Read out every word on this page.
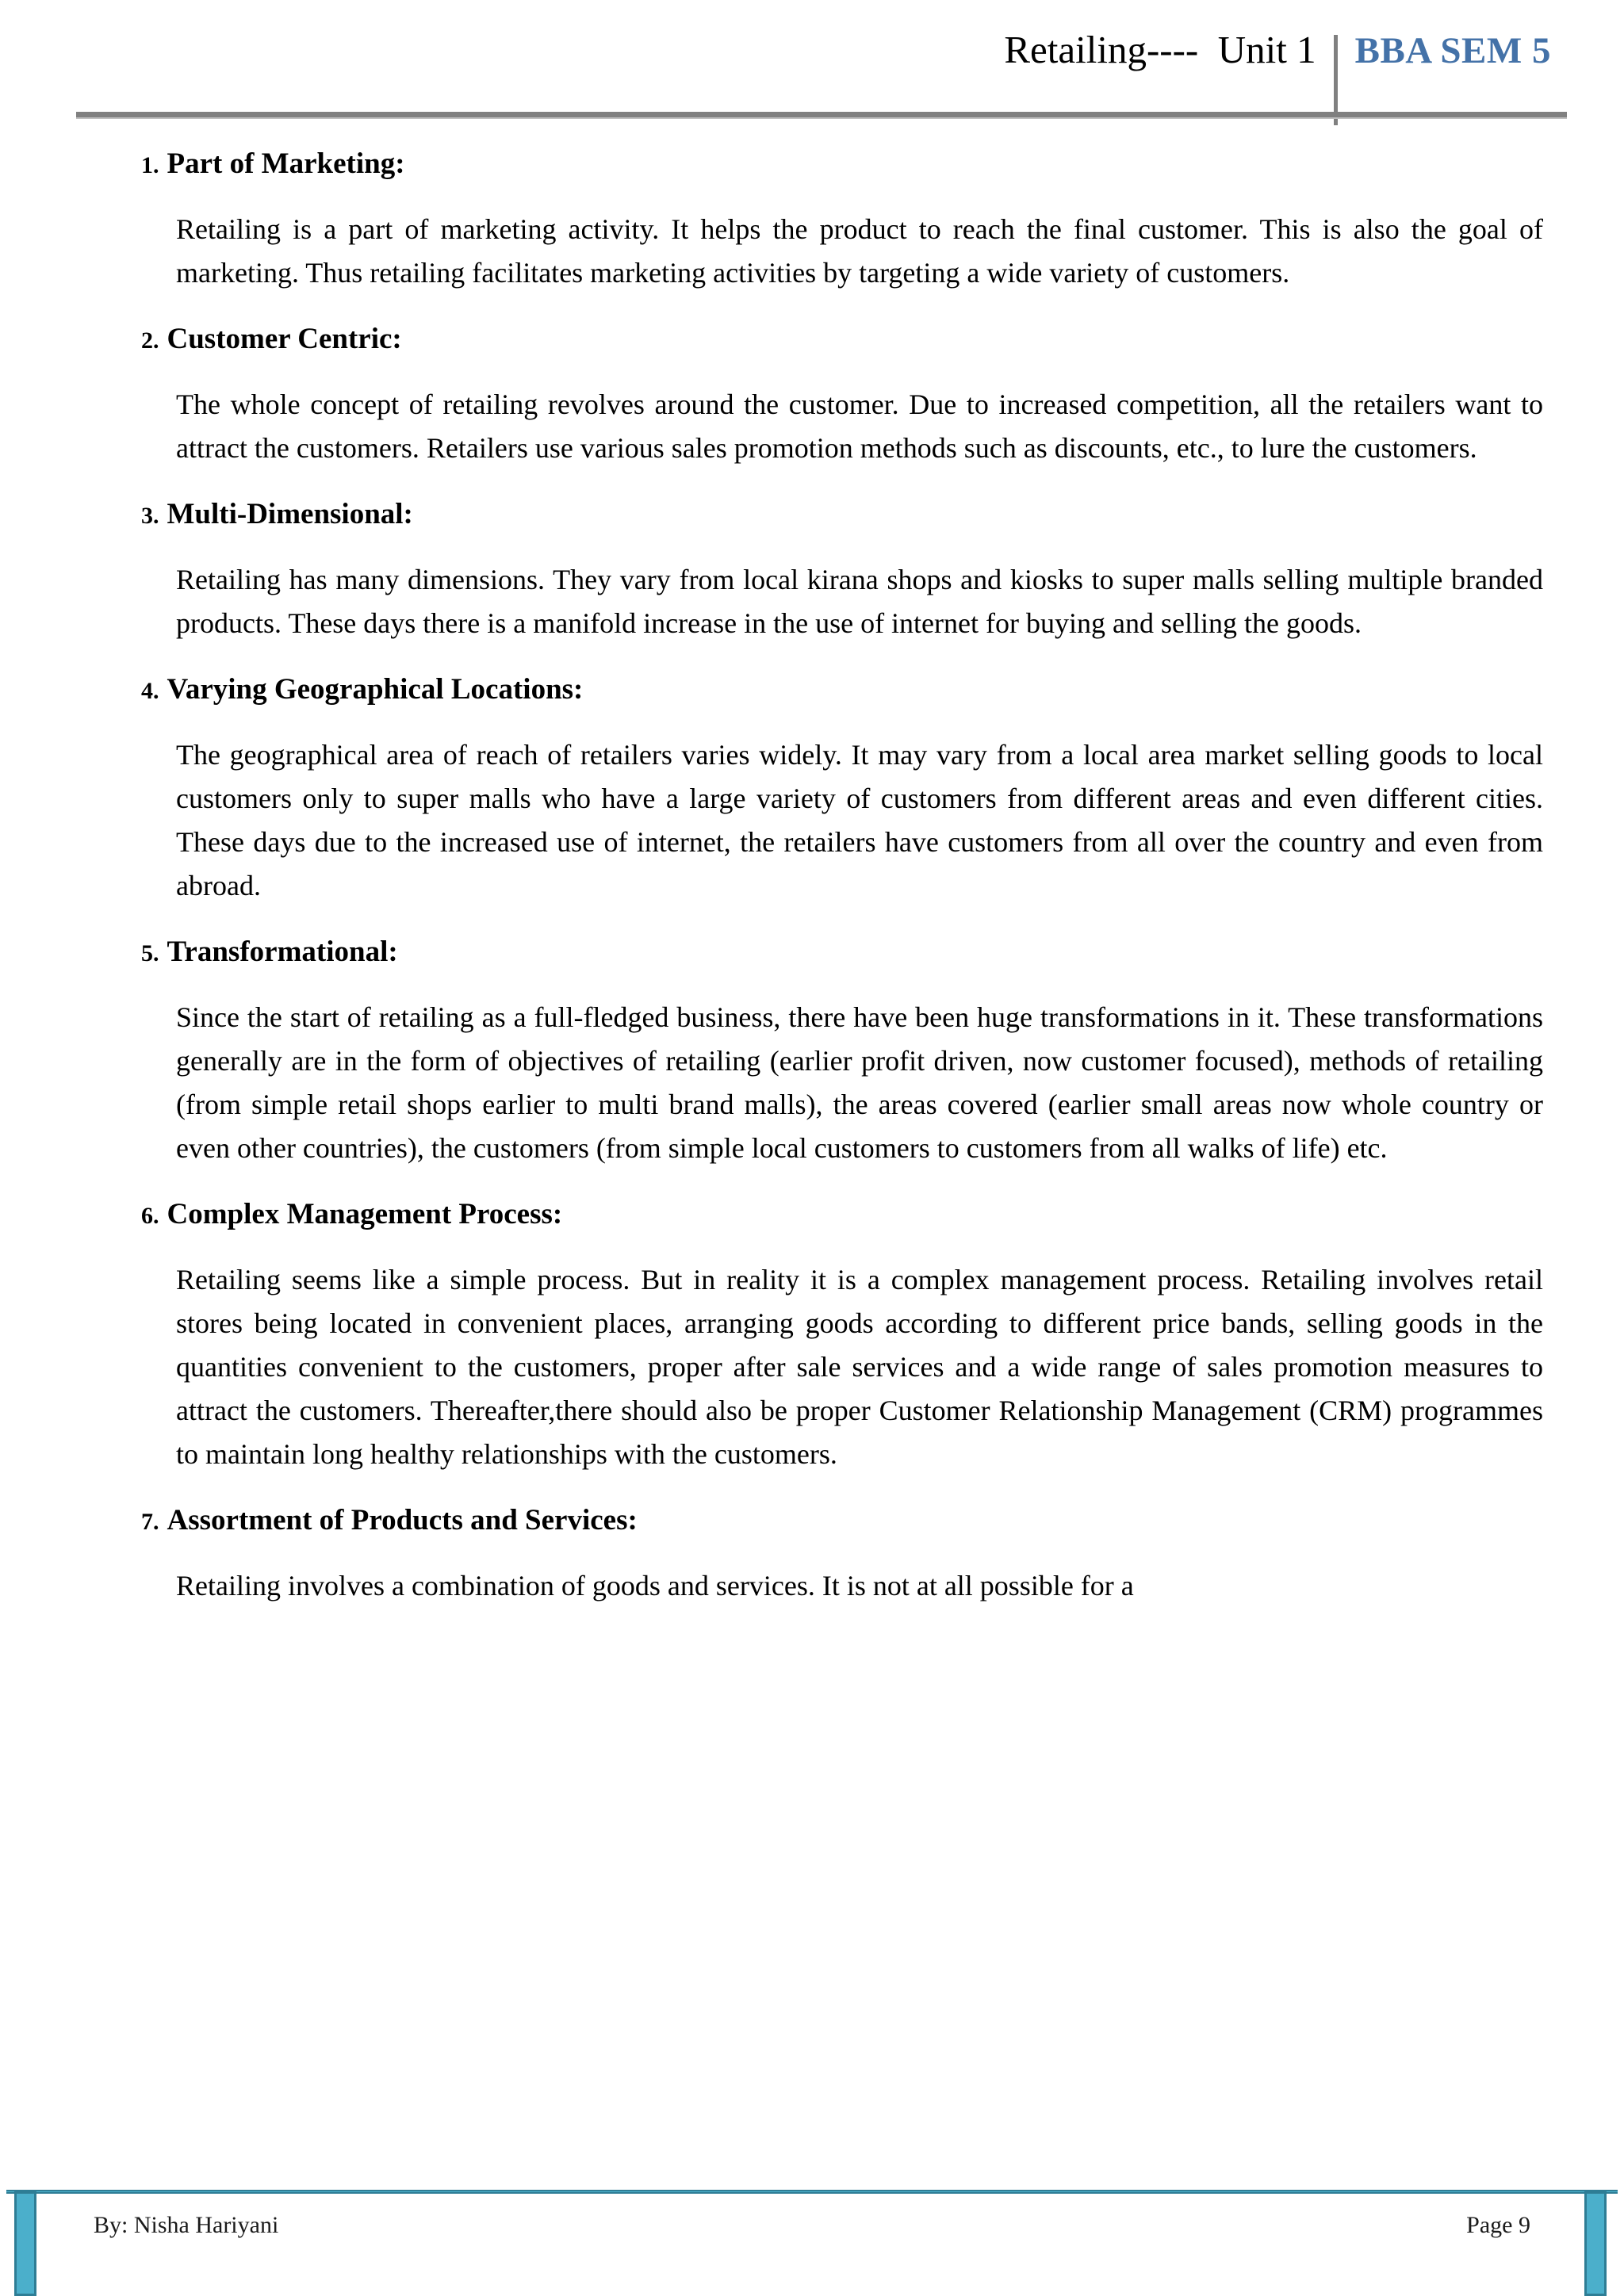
Retailing----  Unit 1	BBA SEM 5

1. Part of Marketing:

Retailing is a part of marketing activity. It helps the product to reach the final customer. This is also the goal of marketing. Thus retailing facilitates marketing activities by targeting a wide variety of customers.

2. Customer Centric:

The whole concept of retailing revolves around the customer. Due to increased competition, all the retailers want to attract the customers. Retailers use various sales promotion methods such as discounts, etc., to lure the customers.

3. Multi-Dimensional:

Retailing has many dimensions. They vary from local kirana shops and kiosks to super malls selling multiple branded products. These days there is a manifold increase in the use of internet for buying and selling the goods.

4. Varying Geographical Locations:

The geographical area of reach of retailers varies widely. It may vary from a local area market selling goods to local customers only to super malls who have a large variety of customers from different areas and even different cities. These days due to the increased use of internet, the retailers have customers from all over the country and even from abroad.

5. Transformational:

Since the start of retailing as a full-fledged business, there have been huge transformations in it. These transformations generally are in the form of objectives of retailing (earlier profit driven, now customer focused), methods of retailing (from simple retail shops earlier to multi brand malls), the areas covered (earlier small areas now whole country or even other countries), the customers (from simple local customers to customers from all walks of life) etc.

6. Complex Management Process:

Retailing seems like a simple process. But in reality it is a complex management process. Retailing involves retail stores being located in convenient places, arranging goods according to different price bands, selling goods in the quantities convenient to the customers, proper after sale services and a wide range of sales promotion measures to attract the customers. Thereafter,there should also be proper Customer Relationship Management (CRM) programmes to maintain long healthy relationships with the customers.

7. Assortment of Products and Services:

Retailing involves a combination of goods and services. It is not at all possible for a

By: Nisha Hariyani	Page 9
